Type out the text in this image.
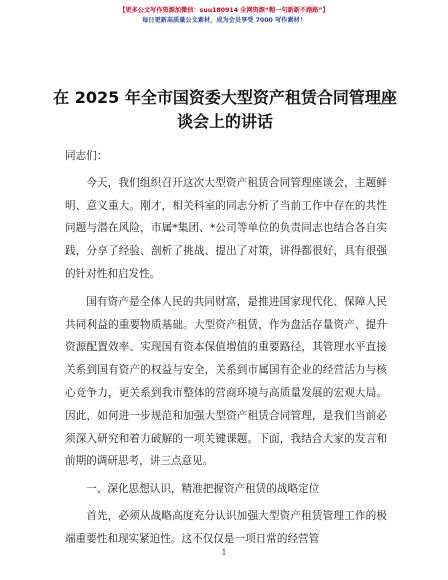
【更多公文写作资源加微信：suu180914 全网资源“帽一句新新不跑路”】
每日更新高质量公文素材，成为会员享受 7000 写作素材！
在 2025 年全市国资委大型资产租赁合同管理座谈会上的讲话

同志们：

今天，我们组织召开这次大型资产租赁合同管理座谈会，主题鲜明、意义重大。刚才，相关科室的同志分析了当前工作中存在的共性问题与潜在风险，市属*集团、*公司等单位的负责同志也结合各自实践，分享了经验、剖析了挑战、提出了对策，讲得都很好，具有很强的针对性和启发性。

国有资产是全体人民的共同财富，是推进国家现代化、保障人民共同利益的重要物质基础。大型资产租赁，作为盘活存量资产、提升资源配置效率、实现国有资本保值增值的重要路径，其管理水平直接关系到国有资产的权益与安全，关系到市属国有企业的经营活力与核心竞争力，更关系到我市整体的营商环境与高质量发展的宏观大局。因此，如何进一步规范和加强大型资产租赁合同管理，是我们当前必须深入研究和着力破解的一项关键课题。下面，我结合大家的发言和前期的调研思考，讲三点意见。

一、深化思想认识，精准把握资产租赁的战略定位

首先，必须从战略高度充分认识加强大型资产租赁管理工作的极端重要性和现实紧迫性。这不仅仅是一项日常的经营管

1
